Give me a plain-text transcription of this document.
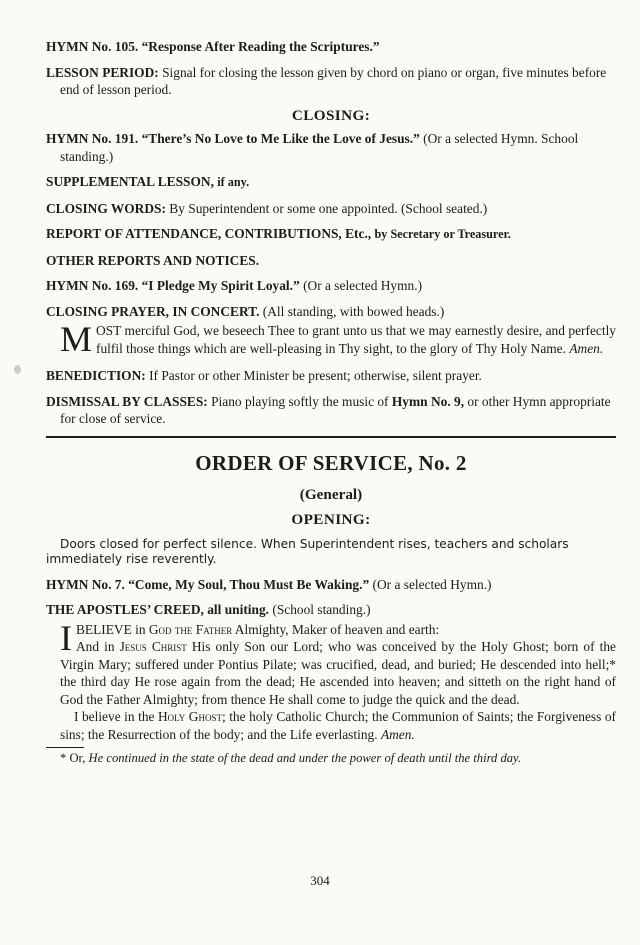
HYMN No. 105. “Response After Reading the Scriptures.”

LESSON PERIOD: Signal for closing the lesson given by chord on piano or organ, five minutes before end of lesson period.

CLOSING:

HYMN No. 191. “There’s No Love to Me Like the Love of Jesus.” (Or a selected Hymn. School standing.)

SUPPLEMENTAL LESSON, if any.

CLOSING WORDS: By Superintendent or some one appointed. (School seated.)

REPORT OF ATTENDANCE, CONTRIBUTIONS, Etc., by Secretary or Treasurer.

OTHER REPORTS AND NOTICES.

HYMN No. 169. “I Pledge My Spirit Loyal.” (Or a selected Hymn.)

CLOSING PRAYER, IN CONCERT. (All standing, with bowed heads.)

M OST merciful God, we beseech Thee to grant unto us that we may earnestly desire, and perfectly fulfil those things which are well-pleasing in Thy sight, to the glory of Thy Holy Name. Amen.

BENEDICTION: If Pastor or other Minister be present; otherwise, silent prayer.

DISMISSAL BY CLASSES: Piano playing softly the music of Hymn No. 9, or other Hymn appropriate for close of service.

ORDER OF SERVICE, No. 2

(General)

OPENING:

Doors closed for perfect silence. When Superintendent rises, teachers and scholars immediately rise reverently.

HYMN No. 7. “Come, My Soul, Thou Must Be Waking.” (Or a selected Hymn.)

THE APOSTLES’ CREED, all uniting. (School standing.)

I BELIEVE in God the Father Almighty, Maker of heaven and earth:

And in Jesus Christ His only Son our Lord; who was conceived by the Holy Ghost; born of the Virgin Mary; suffered under Pontius Pilate; was crucified, dead, and buried; He descended into hell;* the third day He rose again from the dead; He ascended into heaven; and sitteth on the right hand of God the Father Almighty; from thence He shall come to judge the quick and the dead.

I believe in the Holy Ghost; the holy Catholic Church; the Communion of Saints; the Forgiveness of sins; the Resurrection of the body; and the Life everlasting. Amen.

* Or, He continued in the state of the dead and under the power of death until the third day.

304
